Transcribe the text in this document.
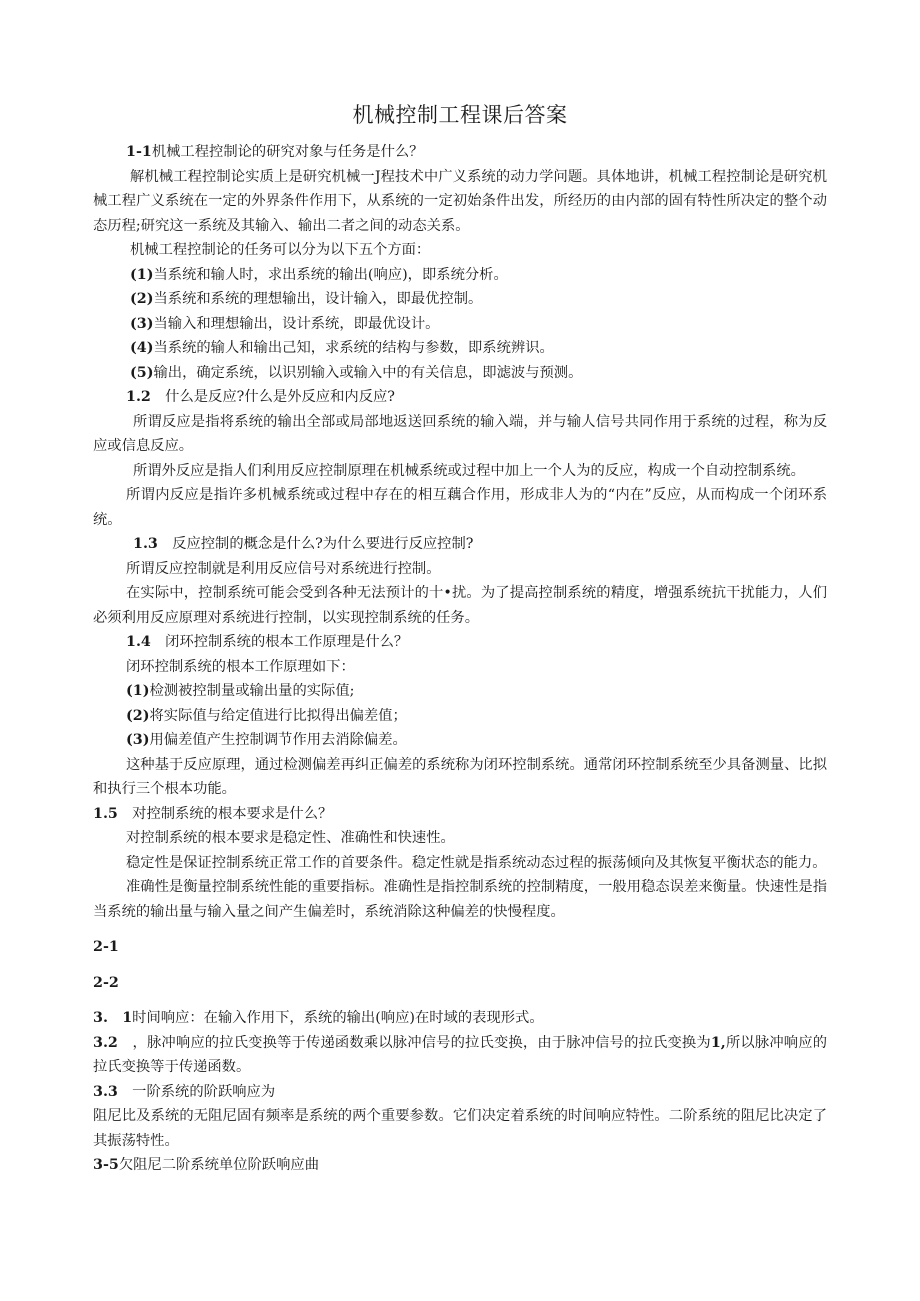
机械控制工程课后答案

1-1机械工程控制论的研究对象与任务是什么？

解机械工程控制论实质上是研究机械一J程技术中广义系统的动力学问题。具体地讲，机械工程控制论是研究机械工程广义系统在一定的外界条件作用下，从系统的一定初始条件出发，所经历的由内部的固有特性所决定的整个动态历程;研究这一系统及其输入、输出二者之间的动态关系。

机械工程控制论的任务可以分为以下五个方面：

(1)当系统和输人时，求出系统的输出(响应)，即系统分析。

(2)当系统和系统的理想输出，设计输入，即最优控制。

(3)当输入和理想输出，设计系统，即最优设计。

(4)当系统的输人和输出己知，求系统的结构与参数，即系统辨识。

(5)输出，确定系统，以识别输入或输入中的有关信息，即滤波与预测。

1.2　 什么是反应?什么是外反应和内反应?

所谓反应是指将系统的输出全部或局部地返送回系统的输入端，并与输人信号共同作用于系统的过程，称为反应或信息反应。

所谓外反应是指人们利用反应控制原理在机械系统或过程中加上一个人为的反应，构成一个自动控制系统。

所谓内反应是指许多机械系统或过程中存在的相互藕合作用，形成非人为的“内在”反应，从而构成一个闭环系统。

1.3　 反应控制的概念是什么?为什么要进行反应控制?

所谓反应控制就是利用反应信号对系统进行控制。

在实际中，控制系统可能会受到各种无法预计的十•扰。为了提高控制系统的精度，增强系统抗干扰能力，人们必须利用反应原理对系统进行控制，以实现控制系统的任务。

1.4　 闭环控制系统的根本工作原理是什么？

闭环控制系统的根本工作原理如下：

(1)检测被控制量或输出量的实际值;

(2)将实际值与给定值进行比拟得出偏差值；

(3)用偏差值产生控制调节作用去消除偏差。

这种基于反应原理，通过检测偏差再纠正偏差的系统称为闭环控制系统。通常闭环控制系统至少具备测量、比拟和执行三个根本功能。

1.5　 对控制系统的根本要求是什么？

对控制系统的根本要求是稳定性、准确性和快速性。

稳定性是保证控制系统正常工作的首要条件。稳定性就是指系统动态过程的振荡倾向及其恢复平衡状态的能力。

准确性是衡量控制系统性能的重要指标。准确性是指控制系统的控制精度，一般用稳态误差来衡量。快速性是指当系统的输出量与输入量之间产生偏差时，系统消除这种偏差的快慢程度。

2-1

2-2

3.　1时间响应：在输入作用下，系统的输出(响应)在时域的表现形式。

3.2　 ，脉冲响应的拉氏变换等于传递函数乘以脉冲信号的拉氏变换，由于脉冲信号的拉氏变换为1,所以脉冲响应的拉氏变换等于传递函数。

3.3　 一阶系统的阶跃响应为

阻尼比及系统的无阻尼固有频率是系统的两个重要参数。它们决定着系统的时间响应特性。二阶系统的阻尼比决定了其振荡特性。

3-5欠阻尼二阶系统单位阶跃响应曲
